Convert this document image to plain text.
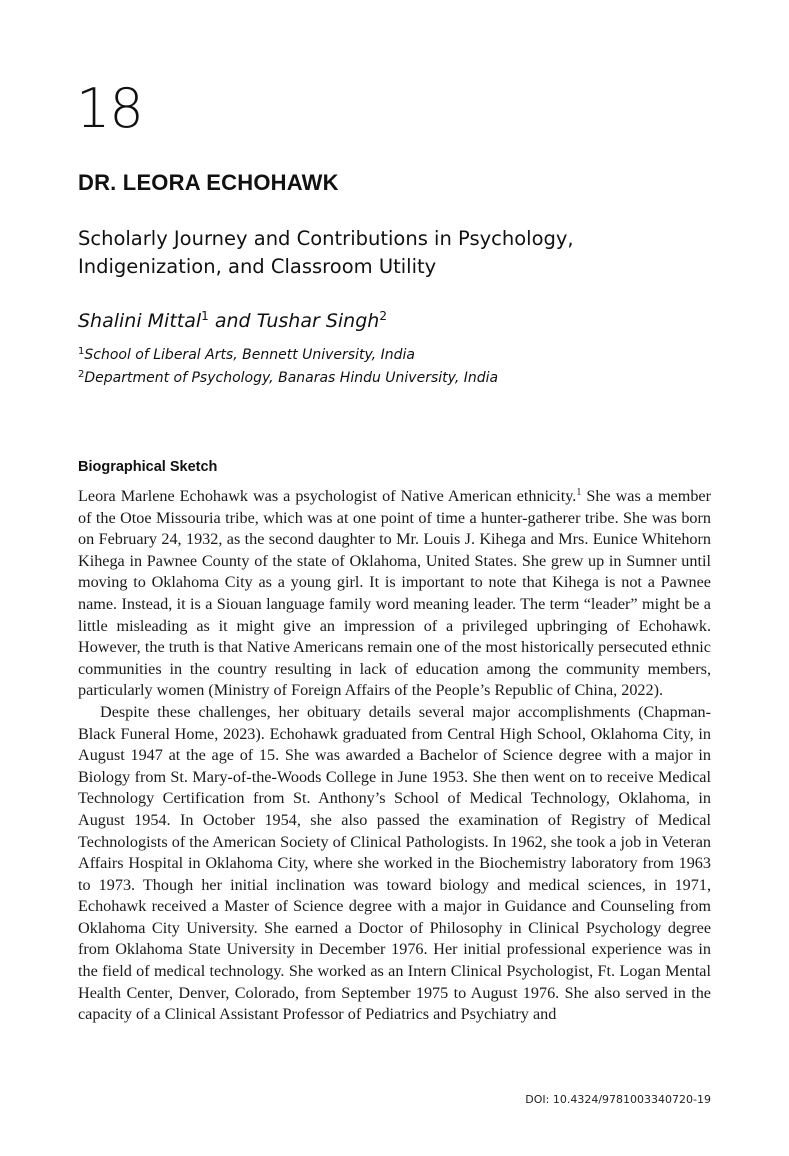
18
DR. LEORA ECHOHAWK
Scholarly Journey and Contributions in Psychology, Indigenization, and Classroom Utility
Shalini Mittal$^1$ and Tushar Singh$^2$
$^1$School of Liberal Arts, Bennett University, India
$^2$Department of Psychology, Banaras Hindu University, India
Biographical Sketch

Leora Marlene Echohawk was a psychologist of Native American ethnicity.$^1$ She was a member of the Otoe Missouria tribe, which was at one point of time a hunter-gatherer tribe. She was born on February 24, 1932, as the second daughter to Mr. Louis J. Kihega and Mrs. Eunice Whitehorn Kihega in Pawnee County of the state of Oklahoma, United States. She grew up in Sumner until moving to Oklahoma City as a young girl. It is important to note that Kihega is not a Pawnee name. Instead, it is a Siouan language family word meaning leader. The term “leader” might be a little misleading as it might give an impression of a privileged upbringing of Echohawk. However, the truth is that Native Americans remain one of the most historically persecuted ethnic communities in the country resulting in lack of education among the community members, particularly women (Ministry of Foreign Affairs of the People’s Republic of China, 2022).

Despite these challenges, her obituary details several major accomplishments (Chapman-Black Funeral Home, 2023). Echohawk graduated from Central High School, Oklahoma City, in August 1947 at the age of 15. She was awarded a Bachelor of Science degree with a major in Biology from St. Mary-of-the-Woods College in June 1953. She then went on to receive Medical Technology Certification from St. Anthony’s School of Medical Technology, Oklahoma, in August 1954. In October 1954, she also passed the examination of Registry of Medical Technologists of the American Society of Clinical Pathologists. In 1962, she took a job in Veteran Affairs Hospital in Oklahoma City, where she worked in the Biochemistry laboratory from 1963 to 1973. Though her initial inclination was toward biology and medical sciences, in 1971, Echohawk received a Master of Science degree with a major in Guidance and Counseling from Oklahoma City University. She earned a Doctor of Philosophy in Clinical Psychology degree from Oklahoma State University in December 1976. Her initial professional experience was in the field of medical technology. She worked as an Intern Clinical Psychologist, Ft. Logan Mental Health Center, Denver, Colorado, from September 1975 to August 1976. She also served in the capacity of a Clinical Assistant Professor of Pediatrics and Psychiatry and

DOI: 10.4324/9781003340720-19
